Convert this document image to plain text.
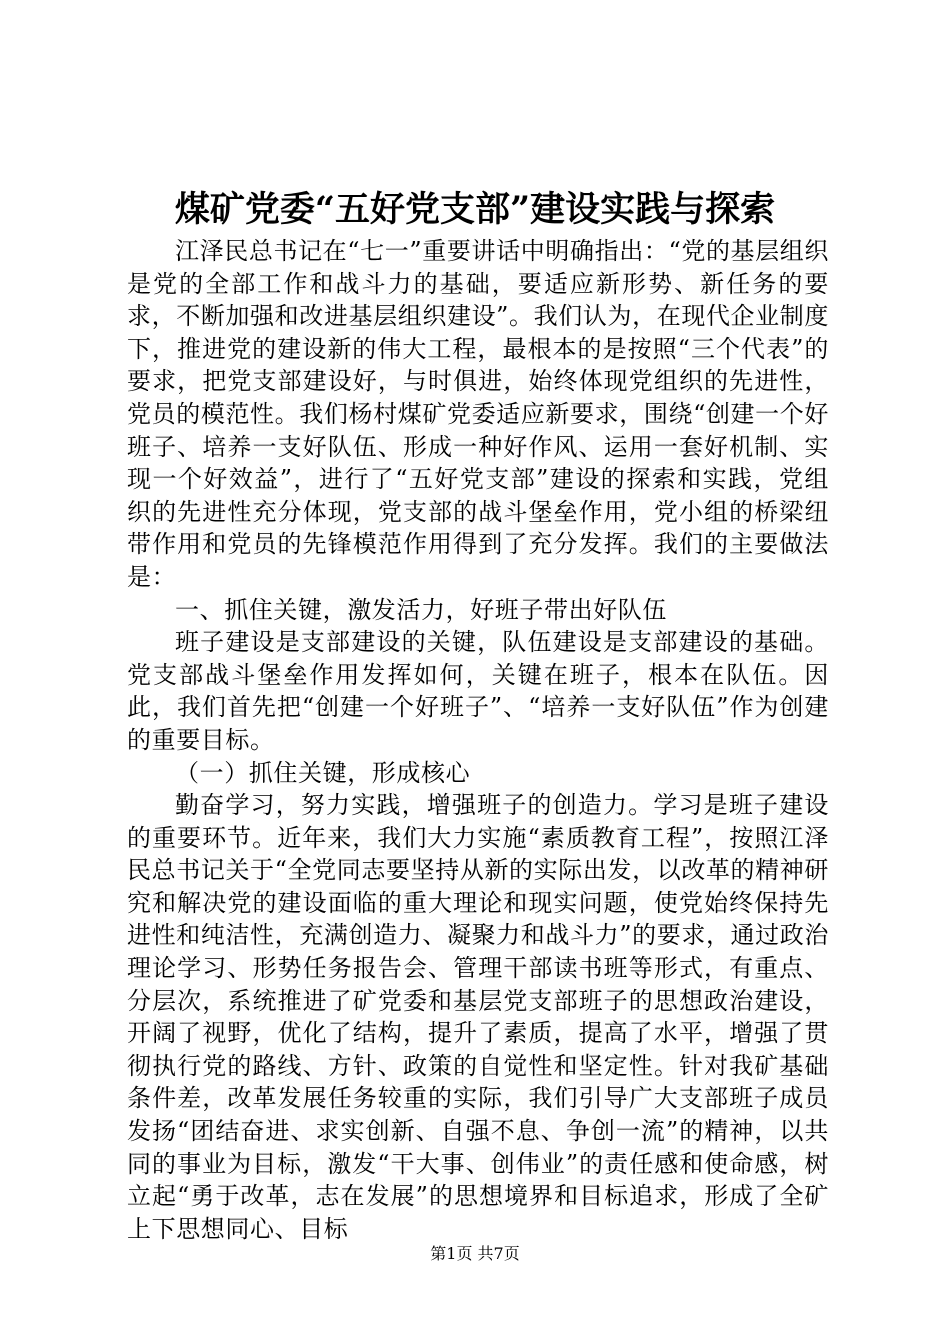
煤矿党委“五好党支部”建设实践与探索

江泽民总书记在“七一”重要讲话中明确指出：“党的基层组织是党的全部工作和战斗力的基础，要适应新形势、新任务的要求，不断加强和改进基层组织建设”。我们认为，在现代企业制度下，推进党的建设新的伟大工程，最根本的是按照“三个代表”的要求，把党支部建设好，与时俱进，始终体现党组织的先进性，党员的模范性。我们杨村煤矿党委适应新要求，围绕“创建一个好班子、培养一支好队伍、形成一种好作风、运用一套好机制、实现一个好效益”，进行了“五好党支部”建设的探索和实践，党组织的先进性充分体现，党支部的战斗堡垒作用，党小组的桥梁纽带作用和党员的先锋模范作用得到了充分发挥。我们的主要做法是：

一、抓住关键，激发活力，好班子带出好队伍

班子建设是支部建设的关键，队伍建设是支部建设的基础。党支部战斗堡垒作用发挥如何，关键在班子，根本在队伍。因此，我们首先把“创建一个好班子”、“培养一支好队伍”作为创建的重要目标。

（一）抓住关键，形成核心

勤奋学习，努力实践，增强班子的创造力。学习是班子建设的重要环节。近年来，我们大力实施“素质教育工程”，按照江泽民总书记关于“全党同志要坚持从新的实际出发，以改革的精神研究和解决党的建设面临的重大理论和现实问题，使党始终保持先进性和纯洁性，充满创造力、凝聚力和战斗力”的要求，通过政治理论学习、形势任务报告会、管理干部读书班等形式，有重点、分层次，系统推进了矿党委和基层党支部班子的思想政治建设，开阔了视野，优化了结构，提升了素质，提高了水平，增强了贯彻执行党的路线、方针、政策的自觉性和坚定性。针对我矿基础条件差，改革发展任务较重的实际，我们引导广大支部班子成员发扬“团结奋进、求实创新、自强不息、争创一流”的精神，以共同的事业为目标，激发“干大事、创伟业”的责任感和使命感，树立起“勇于改革，志在发展”的思想境界和目标追求，形成了全矿上下思想同心、目标

第1页 共7页
